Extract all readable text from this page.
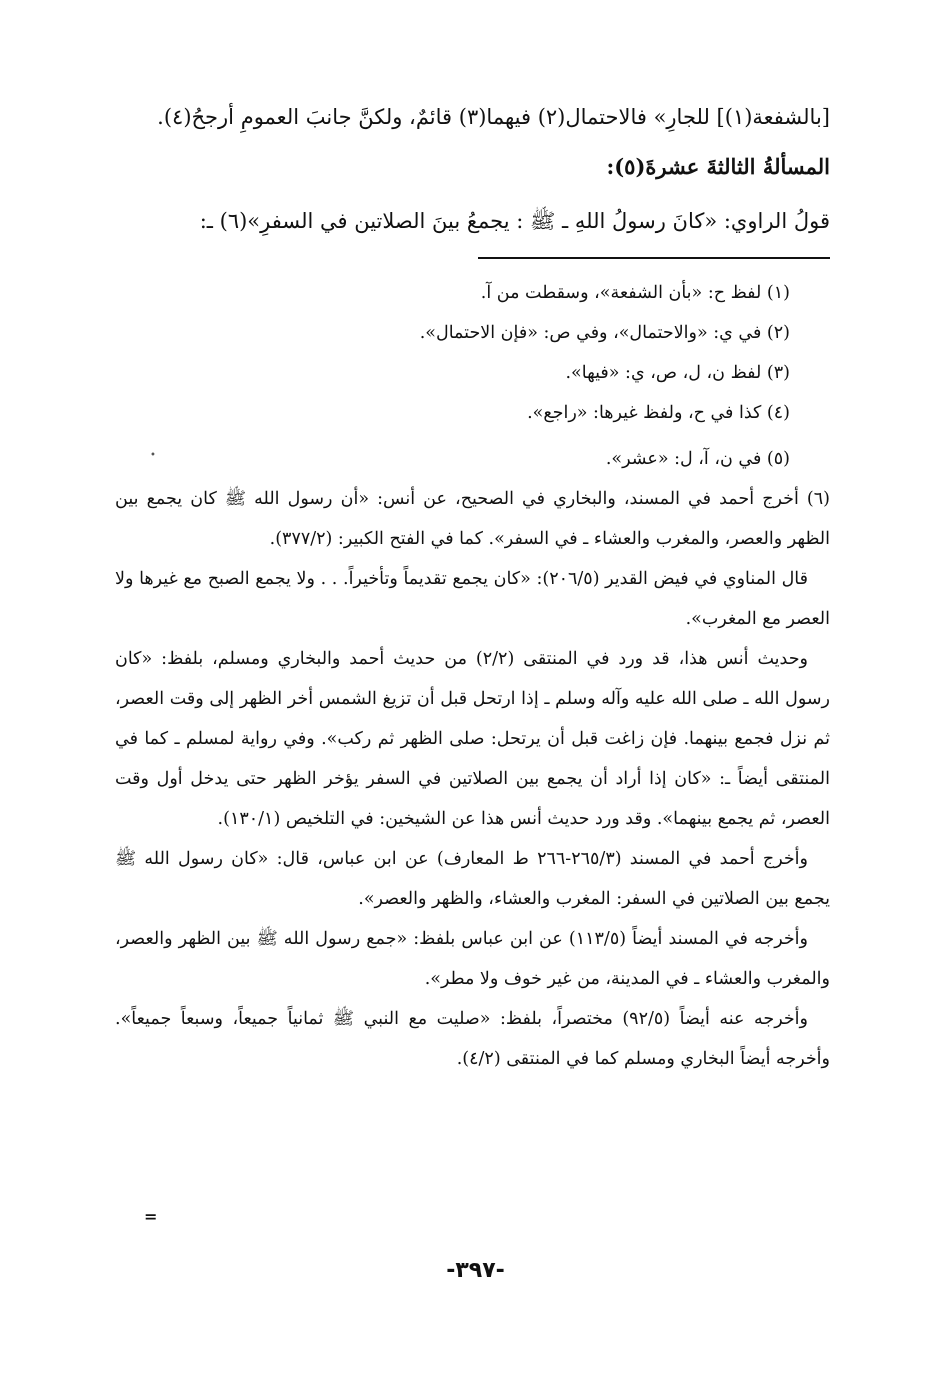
[بالشفعة(١)] للجارِ» فالاحتمال(٢) فيهما(٣) قائمٌ، ولكنَّ جانبَ العمومِ أرجحُ(٤).

المسألةُ الثالثةَ عشرةَ(٥):

قولُ الراوي: «كانَ رسولُ اللهِ ـ ﷺ : يجمعُ بينَ الصلاتين في السفرِ»(٦) ـ:

(١) لفظ ح: «بأن الشفعة»، وسقطت من آ.

(٢) في ي: «والاحتمال»، وفي ص: «فإن الاحتمال».

(٣) لفظ ن، ل، ص، ي: «فيها».

(٤) كذا في ح، ولفظ غيرها: «راجع».

(٥) في ن، آ، ل: «عشر».

(٦) أخرج أحمد في المسند، والبخاري في الصحيح، عن أنس: «أن رسول الله ﷺ كان يجمع بين الظهر والعصر، والمغرب والعشاء ـ في السفر». كما في الفتح الكبير: (٣٧٧/٢).

قال المناوي في فيض القدير (٢٠٦/٥): «كان يجمع تقديماً وتأخيراً. . . ولا يجمع الصبح مع غيرها ولا العصر مع المغرب».

وحديث أنس هذا، قد ورد في المنتقى (٢/٢) من حديث أحمد والبخاري ومسلم، بلفظ: «كان رسول الله ـ صلى الله عليه وآله وسلم ـ إذا ارتحل قبل أن تزيغ الشمس أخر الظهر إلى وقت العصر، ثم نزل فجمع بينهما. فإن زاغت قبل أن يرتحل: صلى الظهر ثم ركب». وفي رواية لمسلم ـ كما في المنتقى أيضاً ـ: «كان إذا أراد أن يجمع بين الصلاتين في السفر يؤخر الظهر حتى يدخل أول وقت العصر، ثم يجمع بينهما». وقد ورد حديث أنس هذا عن الشيخين: في التلخيص (١٣٠/١).

وأخرج أحمد في المسند (٢٦٥/٣-٢٦٦ ط المعارف) عن ابن عباس، قال: «كان رسول الله ﷺ يجمع بين الصلاتين في السفر: المغرب والعشاء، والظهر والعصر».

وأخرجه في المسند أيضاً (١١٣/٥) عن ابن عباس بلفظ: «جمع رسول الله ﷺ بين الظهر والعصر، والمغرب والعشاء ـ في المدينة، من غير خوف ولا مطر».

وأخرجه عنه أيضاً (٩٢/٥) مختصراً، بلفظ: «صليت مع النبي ﷺ ثمانياً جميعاً، وسبعاً جميعاً». وأخرجه أيضاً البخاري ومسلم كما في المنتقى (٤/٢).

•
=
-٣٩٧-
